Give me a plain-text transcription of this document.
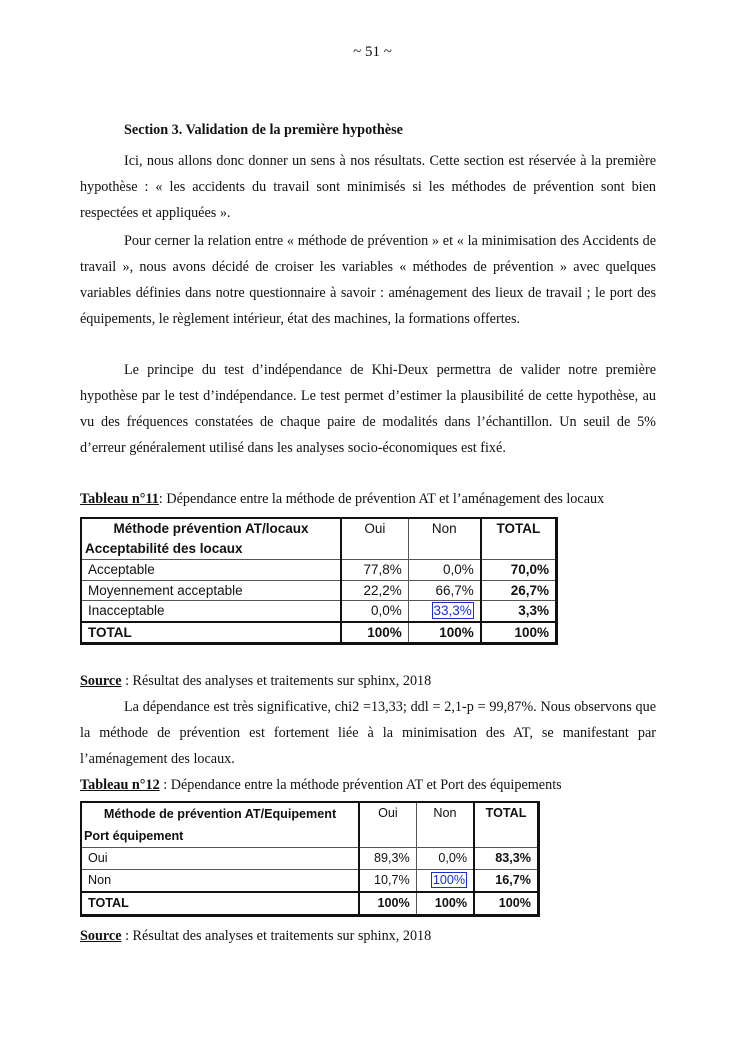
~ 51 ~
Section 3. Validation de la première hypothèse

Ici, nous allons donc donner un sens à nos résultats. Cette section est réservée à la première hypothèse : « les accidents du travail sont minimisés si les méthodes de prévention sont bien respectées et appliquées ».

Pour cerner la relation entre « méthode de prévention » et « la minimisation des Accidents de travail », nous avons décidé de croiser les variables « méthodes de prévention » avec quelques variables définies dans notre questionnaire à savoir : aménagement des lieux de travail ; le port des équipements, le règlement intérieur, état des machines, la formations offertes.

Le principe du test d’indépendance de Khi-Deux permettra de valider notre première hypothèse par le test d’indépendance. Le test permet d’estimer la plausibilité de cette hypothèse, au vu des fréquences constatées de chaque paire de modalités dans l’échantillon. Un seuil de 5% d’erreur généralement utilisé dans les analyses socio-économiques est fixé.

Tableau n°11: Dépendance entre la méthode de prévention AT et l’aménagement des locaux
Méthode prévention AT/locaux
Acceptabilité des locaux	Oui	Non	TOTAL
Acceptable	77,8%	0,0%	70,0%
Moyennement acceptable	22,2%	66,7%	26,7%
Inacceptable	0,0%	33,3%	3,3%
TOTAL	100%	100%	100%
Source : Résultat des analyses et traitements sur sphinx, 2018

La dépendance est très significative, chi2 =13,33; ddl = 2,1-p = 99,87%. Nous observons que la méthode de prévention est fortement liée à la minimisation des AT, se manifestant par l’aménagement des locaux.

Tableau n°12 : Dépendance entre la méthode prévention AT et Port des équipements
Méthode de prévention AT/Equipement
Port équipement	Oui	Non	TOTAL
Oui	89,3%	0,0%	83,3%
Non	10,7%	100%	16,7%
TOTAL	100%	100%	100%
Source : Résultat des analyses et traitements sur sphinx, 2018
